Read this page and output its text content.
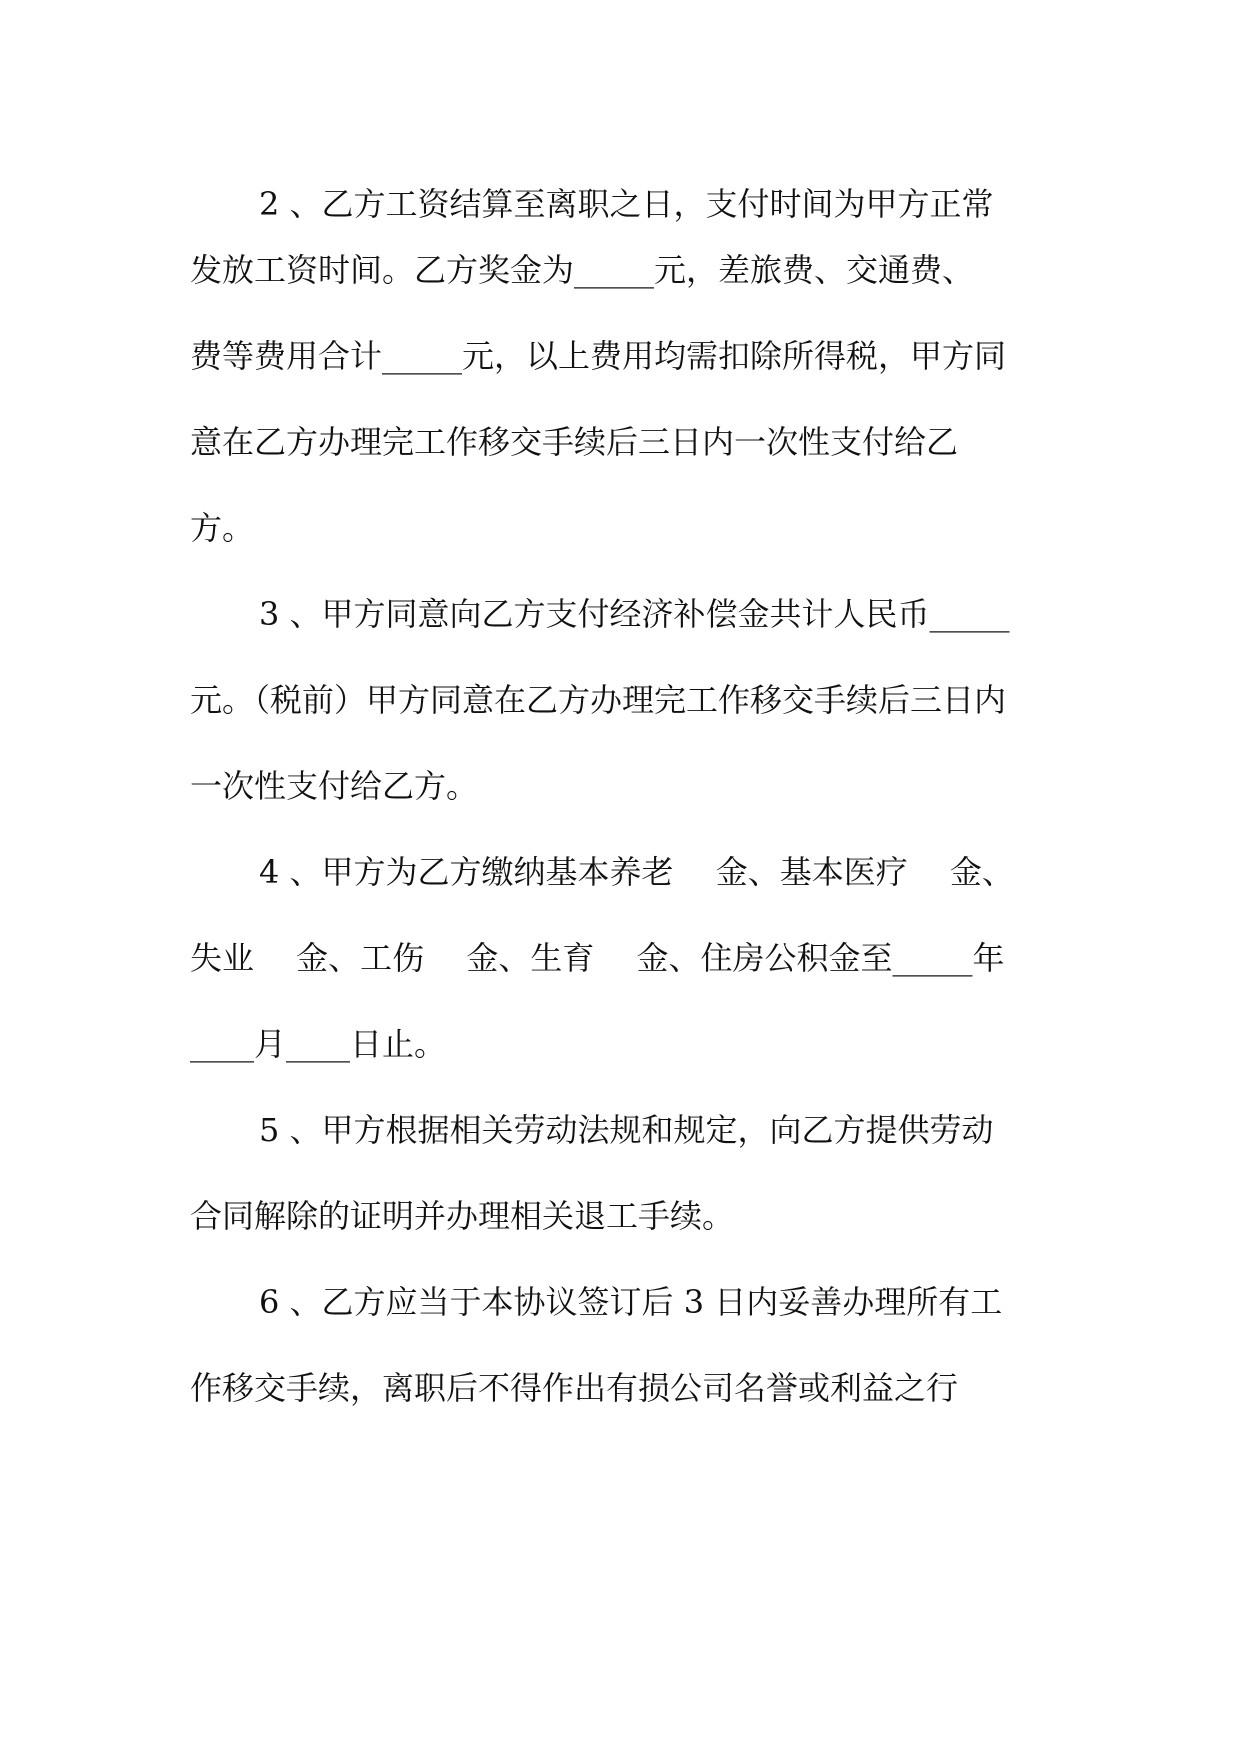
2 、乙方工资结算至离职之日，支付时间为甲方正常
发放工资时间。乙方奖金为_____元，差旅费、交通费、
费等费用合计_____元，以上费用均需扣除所得税，甲方同
意在乙方办理完工作移交手续后三日内一次性支付给乙
方。
3 、甲方同意向乙方支付经济补偿金共计人民币_____
元。（税前）甲方同意在乙方办理完工作移交手续后三日内
一次性支付给乙方。
4 、甲方为乙方缴纳基本养老　 金、基本医疗　 金、
失业　 金、工伤　 金、生育　 金、住房公积金至_____年
____月____日止。
5 、甲方根据相关劳动法规和规定，向乙方提供劳动
合同解除的证明并办理相关退工手续。
6 、乙方应当于本协议签订后 3 日内妥善办理所有工
作移交手续，离职后不得作出有损公司名誉或利益之行
